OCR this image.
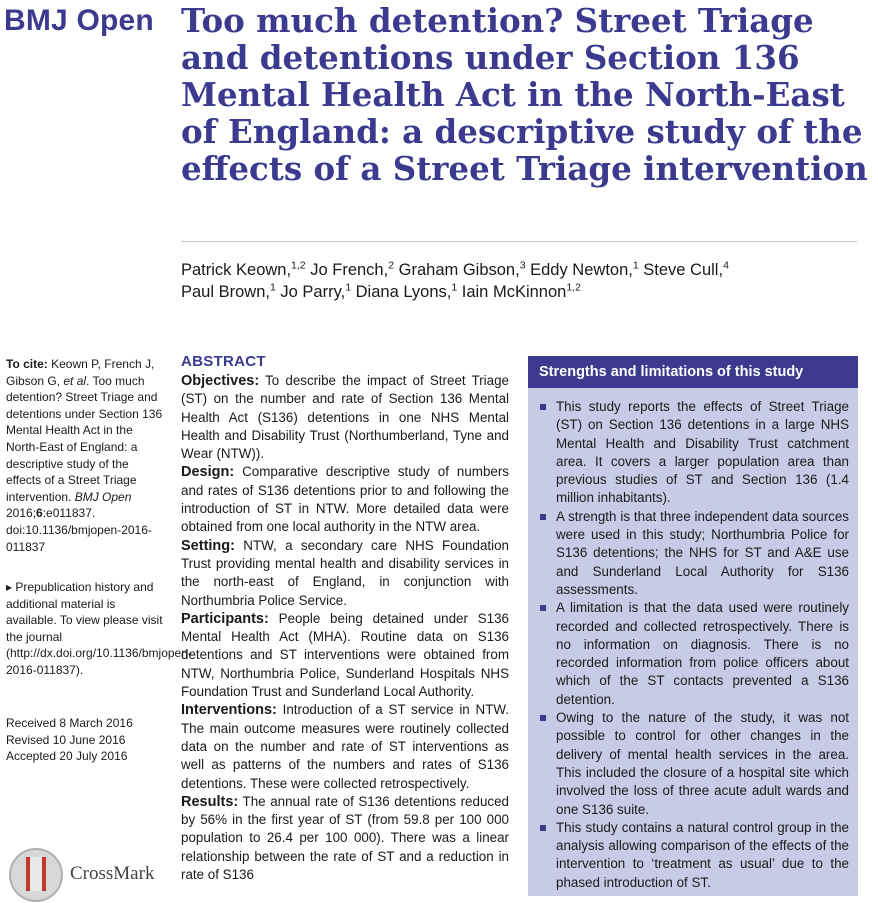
BMJ Open Too much detention? Street Triage and detentions under Section 136 Mental Health Act in the North-East of England: a descriptive study of the effects of a Street Triage intervention
Patrick Keown,$^{1,2}$ Jo French,$^2$ Graham Gibson,$^3$ Eddy Newton,$^1$ Steve Cull,$^4$
Paul Brown,$^1$ Jo Parry,$^1$ Diana Lyons,$^1$ Iain McKinnon$^{1,2}$
To cite: Keown P, French J, Gibson G, et al. Too much detention? Street Triage and detentions under Section 136 Mental Health Act in the North-East of England: a descriptive study of the effects of a Street Triage intervention. BMJ Open 2016;6:e011837. doi:10.1136/bmjopen-2016-011837
▸ Prepublication history and additional material is available. To view please visit the journal (http://dx.doi.org/10.1136/bmjopen-2016-011837).
Received 8 March 2016
Revised 10 June 2016
Accepted 20 July 2016
CrossMark
ABSTRACT

Objectives: To describe the impact of Street Triage (ST) on the number and rate of Section 136 Mental Health Act (S136) detentions in one NHS Mental Health and Disability Trust (Northumberland, Tyne and Wear (NTW)).

Design: Comparative descriptive study of numbers and rates of S136 detentions prior to and following the introduction of ST in NTW. More detailed data were obtained from one local authority in the NTW area.

Setting: NTW, a secondary care NHS Foundation Trust providing mental health and disability services in the north-east of England, in conjunction with Northumbria Police Service.

Participants: People being detained under S136 Mental Health Act (MHA). Routine data on S136 detentions and ST interventions were obtained from NTW, Northumbria Police, Sunderland Hospitals NHS Foundation Trust and Sunderland Local Authority.

Interventions: Introduction of a ST service in NTW. The main outcome measures were routinely collected data on the number and rate of ST interventions as well as patterns of the numbers and rates of S136 detentions. These were collected retrospectively.

Results: The annual rate of S136 detentions reduced by 56% in the first year of ST (from 59.8 per 100 000 population to 26.4 per 100 000). There was a linear relationship between the rate of ST and a reduction in rate of S136

Strengths and limitations of this study
This study reports the effects of Street Triage (ST) on Section 136 detentions in a large NHS Mental Health and Disability Trust catchment area. It covers a larger population area than previous studies of ST and Section 136 (1.4 million inhabitants).
A strength is that three independent data sources were used in this study; Northumbria Police for S136 detentions; the NHS for ST and A&E use and Sunderland Local Authority for S136 assessments.
A limitation is that the data used were routinely recorded and collected retrospectively. There is no information on diagnosis. There is no recorded information from police officers about which of the ST contacts prevented a S136 detention.
Owing to the nature of the study, it was not possible to control for other changes in the delivery of mental health services in the area. This included the closure of a hospital site which involved the loss of three acute adult wards and one S136 suite.
This study contains a natural control group in the analysis allowing comparison of the effects of the intervention to ‘treatment as usual’ due to the phased introduction of ST.
